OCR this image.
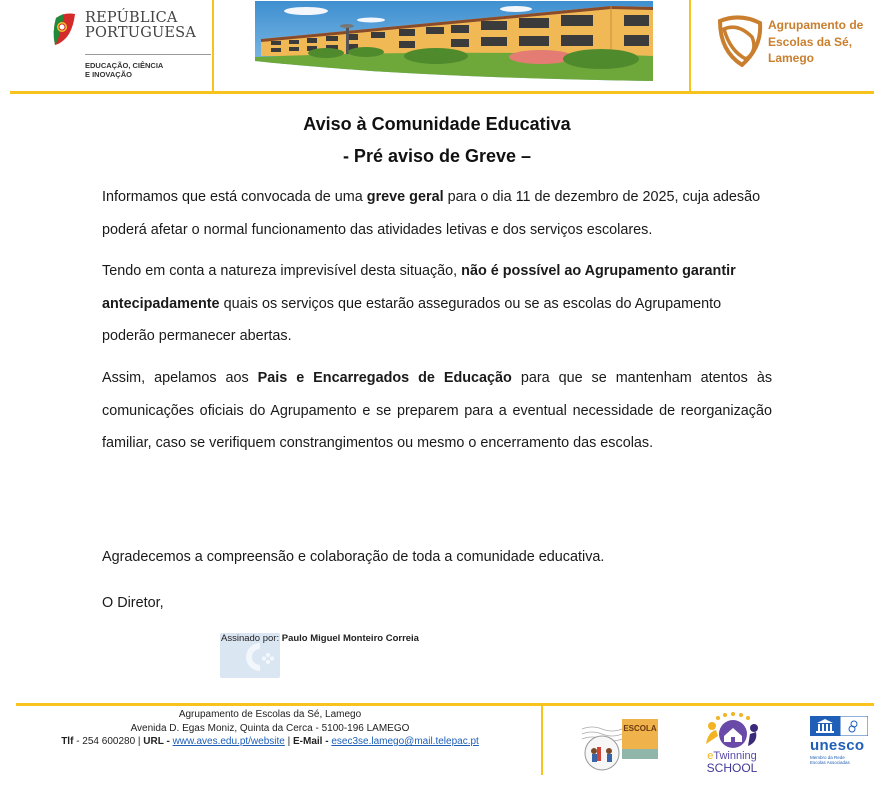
REPÚBLICA
PORTUGUESA
EDUCAÇÃO, CIÊNCIA
E INOVAÇÃO
Agrupamento de
Escolas da Sé,
Lamego
Aviso à Comunidade Educativa
- Pré aviso de Greve –
Informamos que está convocada de uma greve geral para o dia 11 de dezembro de 2025, cuja adesão poderá afetar o normal funcionamento das atividades letivas e dos serviços escolares.
Tendo em conta a natureza imprevisível desta situação, não é possível ao Agrupamento garantir antecipadamente quais os serviços que estarão assegurados ou se as escolas do Agrupamento poderão permanecer abertas.
Assim, apelamos aos Pais e Encarregados de Educação para que se mantenham atentos às comunicações oficiais do Agrupamento e se preparem para a eventual necessidade de reorganização familiar, caso se verifiquem constrangimentos ou mesmo o encerramento das escolas.
Agradecemos a compreensão e colaboração de toda a comunidade educativa.
O Diretor,
Assinado por: Paulo Miguel Monteiro Correia
Agrupamento de Escolas da Sé, Lamego
Avenida D. Egas Moniz, Quinta da Cerca - 5100-196 LAMEGO
Tlf - 254 600280 | URL - www.aves.edu.pt/website | E-Mail - esec3se.lamego@mail.telepac.pt
ESCOLA
eTwinning
SCHOOL
unesco
Membro da Rede
Escolas Associadas
